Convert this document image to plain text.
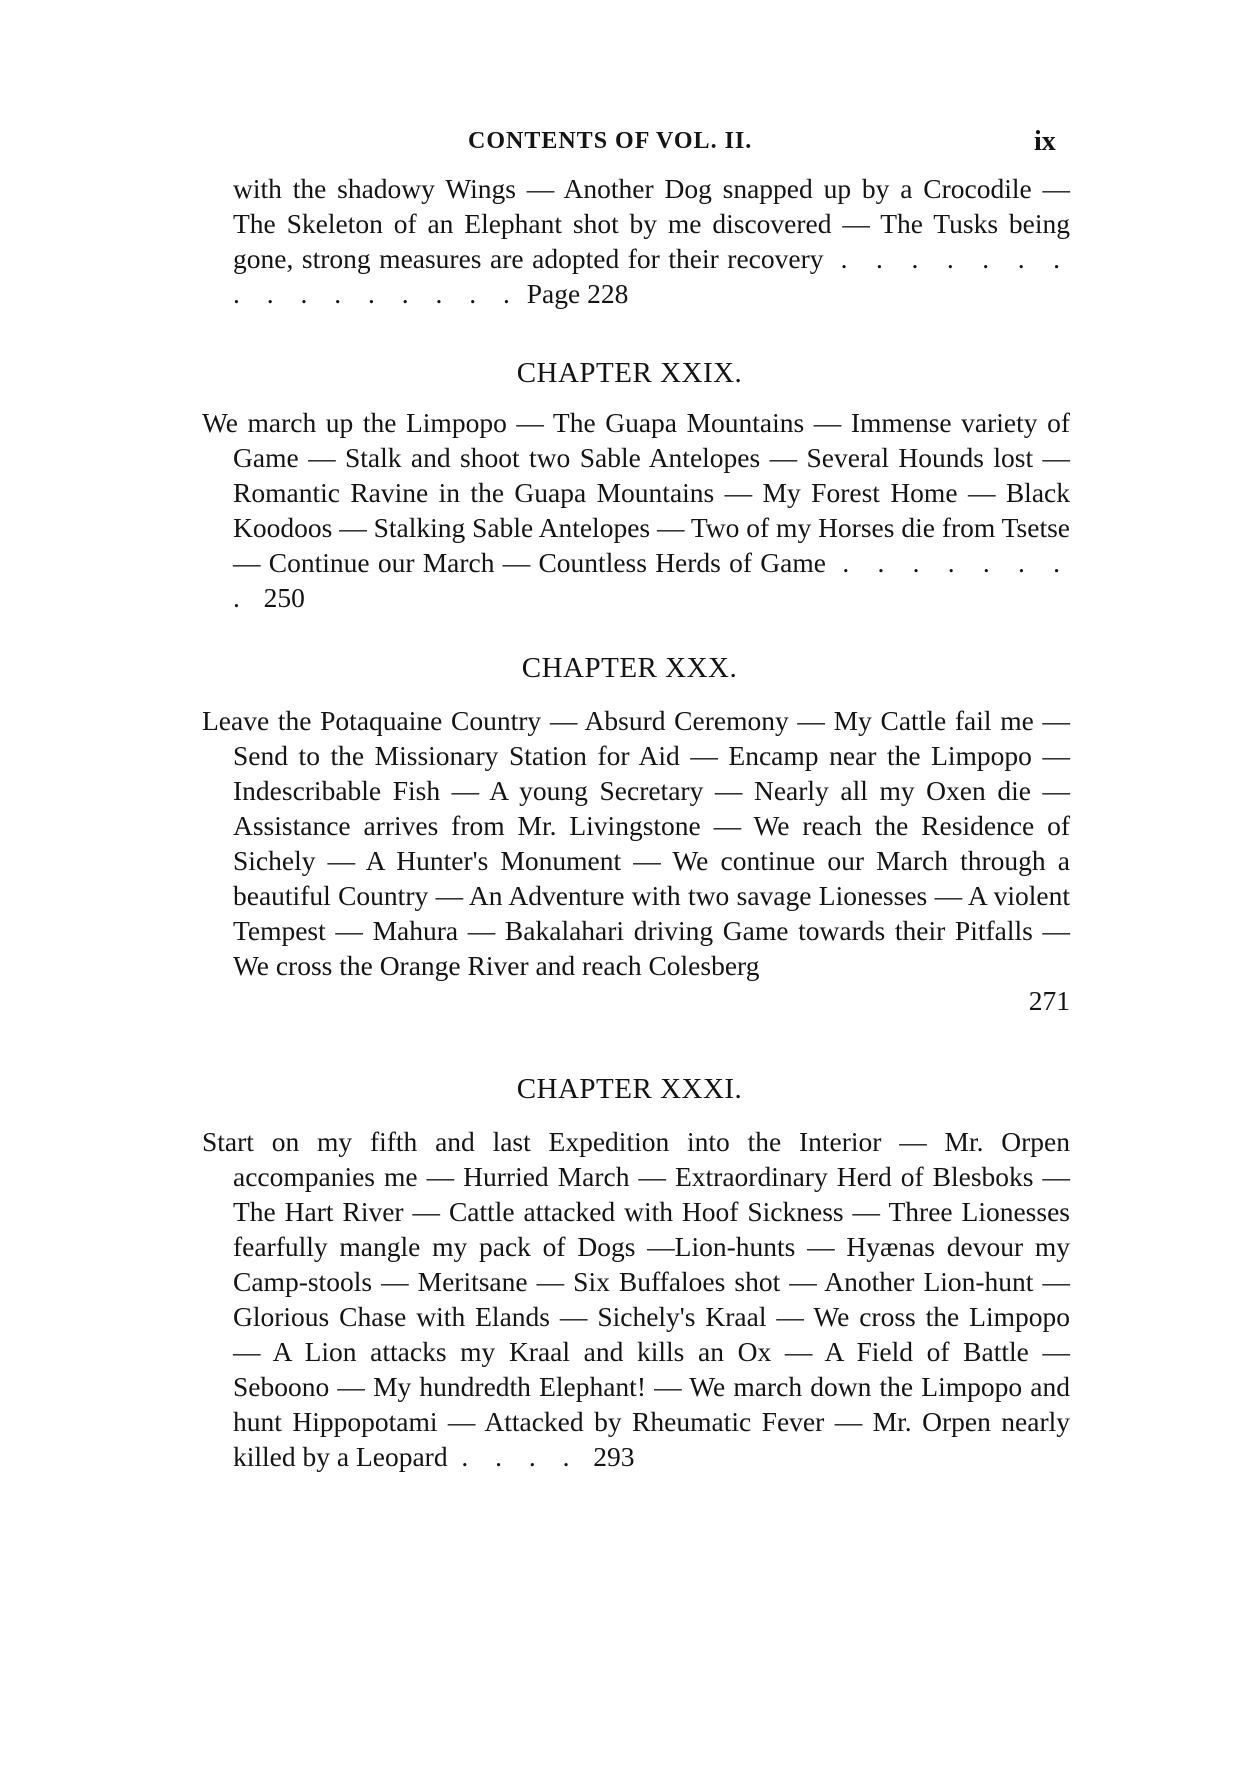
CONTENTS OF VOL. II.	ix
with the shadowy Wings — Another Dog snapped up by a Crocodile — The Skeleton of an Elephant shot by me discovered — The Tusks being gone, strong measures are adopted for their recovery . . . . . . . . . . . . . . . . Page 228
CHAPTER XXIX.
We march up the Limpopo — The Guapa Mountains — Immense variety of Game — Stalk and shoot two Sable Antelopes — Several Hounds lost — Romantic Ravine in the Guapa Mountains — My Forest Home — Black Koodoos — Stalking Sable Antelopes — Two of my Horses die from Tsetse — Continue our March — Countless Herds of Game . . . . . . . . 250
CHAPTER XXX.
Leave the Potaquaine Country — Absurd Ceremony — My Cattle fail me — Send to the Missionary Station for Aid — Encamp near the Limpopo — Indescribable Fish — A young Secretary — Nearly all my Oxen die — Assistance arrives from Mr. Livingstone — We reach the Residence of Sichely — A Hunter's Monument — We continue our March through a beautiful Country — An Adventure with two savage Lionesses — A violent Tempest — Mahura — Bakalahari driving Game towards their Pitfalls — We cross the Orange River and reach Colesberg
271
CHAPTER XXXI.
Start on my fifth and last Expedition into the Interior — Mr. Orpen accompanies me — Hurried March — Extraordinary Herd of Blesboks — The Hart River — Cattle attacked with Hoof Sickness — Three Lionesses fearfully mangle my pack of Dogs —Lion-hunts — Hyænas devour my Camp-stools — Meritsane — Six Buffaloes shot — Another Lion-hunt — Glorious Chase with Elands — Sichely's Kraal — We cross the Limpopo — A Lion attacks my Kraal and kills an Ox — A Field of Battle — Seboono — My hundredth Elephant! — We march down the Limpopo and hunt Hippopotami — Attacked by Rheumatic Fever — Mr. Orpen nearly killed by a Leopard . . . . 293
